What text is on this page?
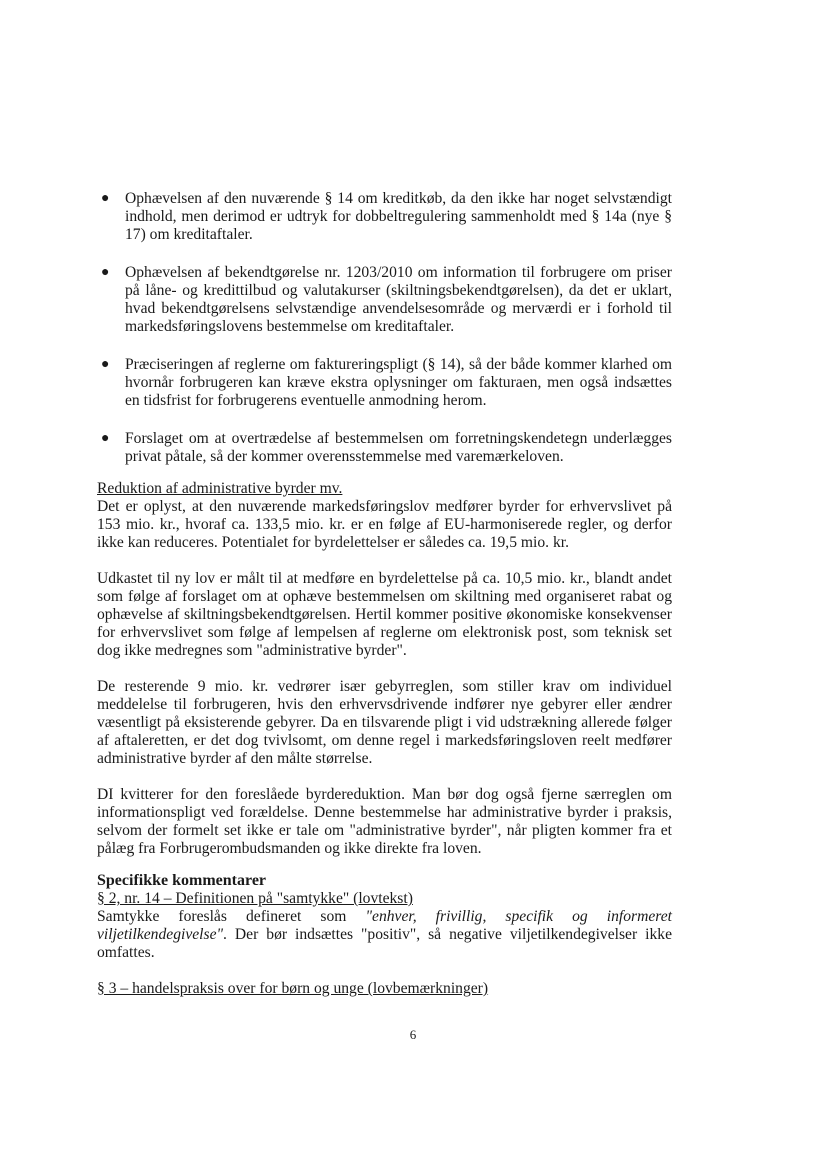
● Ophævelsen af den nuværende § 14 om kreditkøb, da den ikke har noget selvstændigt indhold, men derimod er udtryk for dobbeltregulering sammenholdt med § 14a (nye § 17) om kreditaftaler.
● Ophævelsen af bekendtgørelse nr. 1203/2010 om information til forbrugere om priser på låne- og kredittilbud og valutakurser (skiltningsbekendtgørelsen), da det er uklart, hvad bekendtgørelsens selvstændige anvendelsesområde og merværdi er i forhold til markedsføringslovens bestemmelse om kreditaftaler.
● Præciseringen af reglerne om faktureringspligt (§ 14), så der både kommer klarhed om hvornår forbrugeren kan kræve ekstra oplysninger om fakturaen, men også indsættes en tidsfrist for forbrugerens eventuelle anmodning herom.
● Forslaget om at overtrædelse af bestemmelsen om forretningskendetegn underlægges privat påtale, så der kommer overensstemmelse med varemærkeloven.
Reduktion af administrative byrder mv.

Det er oplyst, at den nuværende markedsføringslov medfører byrder for erhvervslivet på 153 mio. kr., hvoraf ca. 133,5 mio. kr. er en følge af EU-harmoniserede regler, og derfor ikke kan reduceres. Potentialet for byrdelettelser er således ca. 19,5 mio. kr.

Udkastet til ny lov er målt til at medføre en byrdelettelse på ca. 10,5 mio. kr., blandt andet som følge af forslaget om at ophæve bestemmelsen om skiltning med organiseret rabat og ophævelse af skiltningsbekendtgørelsen. Hertil kommer positive økonomiske konsekvenser for erhvervslivet som følge af lempelsen af reglerne om elektronisk post, som teknisk set dog ikke medregnes som "administrative byrder".

De resterende 9 mio. kr. vedrører især gebyrreglen, som stiller krav om individuel meddelelse til forbrugeren, hvis den erhvervsdrivende indfører nye gebyrer eller ændrer væsentligt på eksisterende gebyrer. Da en tilsvarende pligt i vid udstrækning allerede følger af aftaleretten, er det dog tvivlsomt, om denne regel i markedsføringsloven reelt medfører administrative byrder af den målte størrelse.

DI kvitterer for den foreslåede byrdereduktion. Man bør dog også fjerne særreglen om informationspligt ved forældelse. Denne bestemmelse har administrative byrder i praksis, selvom der formelt set ikke er tale om "administrative byrder", når pligten kommer fra et pålæg fra Forbrugerombudsmanden og ikke direkte fra loven.

Specifikke kommentarer
§ 2, nr. 14 – Definitionen på "samtykke" (lovtekst)

Samtykke foreslås defineret som "enhver, frivillig, specifik og informeret viljetilkendegivelse". Der bør indsættes "positiv", så negative viljetilkendegivelser ikke omfattes.

§ 3 – handelspraksis over for børn og unge (lovbemærkninger)
6
